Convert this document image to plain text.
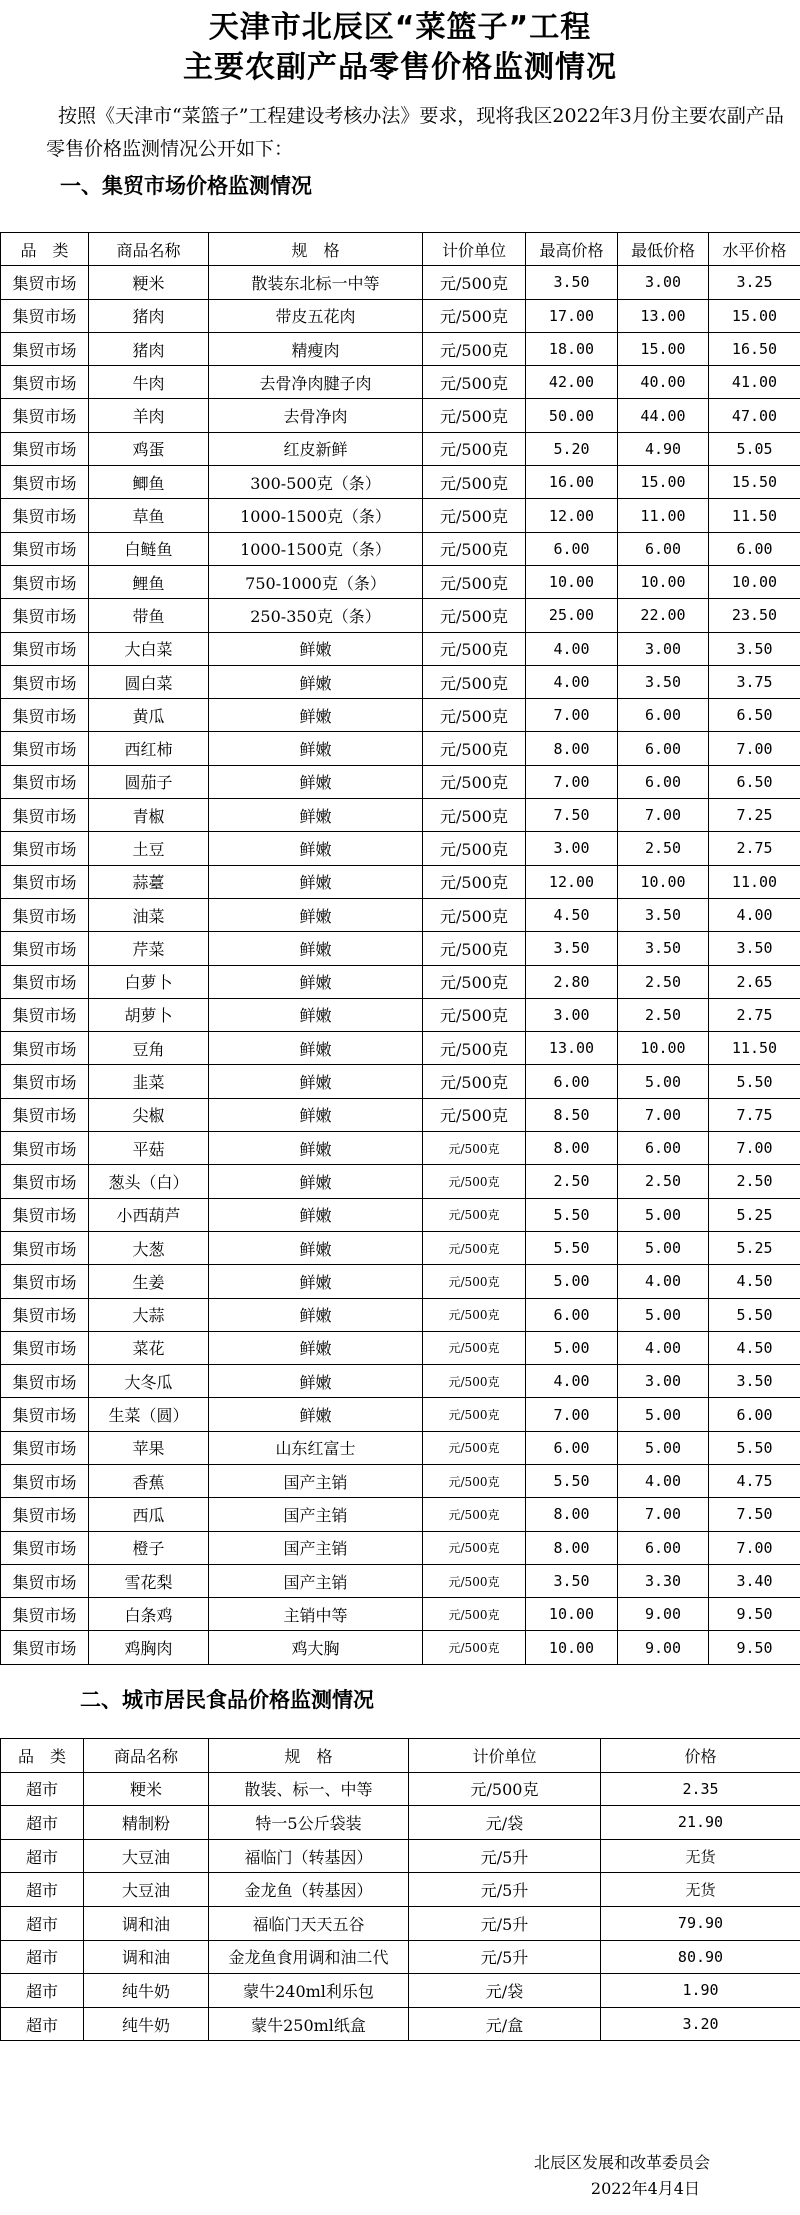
天津市北辰区“菜篮子”工程
主要农副产品零售价格监测情况
按照《天津市“菜篮子”工程建设考核办法》要求，现将我区2022年3月份主要农副产品零售价格监测情况公开如下：
一、集贸市场价格监测情况
品　类	商品名称	规　格	计价单位	最高价格	最低价格	水平价格
集贸市场	粳米	散装东北标一中等	元/500克	3.50	3.00	3.25
集贸市场	猪肉	带皮五花肉	元/500克	17.00	13.00	15.00
集贸市场	猪肉	精瘦肉	元/500克	18.00	15.00	16.50
集贸市场	牛肉	去骨净肉腱子肉	元/500克	42.00	40.00	41.00
集贸市场	羊肉	去骨净肉	元/500克	50.00	44.00	47.00
集贸市场	鸡蛋	红皮新鲜	元/500克	5.20	4.90	5.05
集贸市场	鲫鱼	300-500克（条）	元/500克	16.00	15.00	15.50
集贸市场	草鱼	1000-1500克（条）	元/500克	12.00	11.00	11.50
集贸市场	白鲢鱼	1000-1500克（条）	元/500克	6.00	6.00	6.00
集贸市场	鲤鱼	750-1000克（条）	元/500克	10.00	10.00	10.00
集贸市场	带鱼	250-350克（条）	元/500克	25.00	22.00	23.50
集贸市场	大白菜	鲜嫩	元/500克	4.00	3.00	3.50
集贸市场	圆白菜	鲜嫩	元/500克	4.00	3.50	3.75
集贸市场	黄瓜	鲜嫩	元/500克	7.00	6.00	6.50
集贸市场	西红柿	鲜嫩	元/500克	8.00	6.00	7.00
集贸市场	圆茄子	鲜嫩	元/500克	7.00	6.00	6.50
集贸市场	青椒	鲜嫩	元/500克	7.50	7.00	7.25
集贸市场	土豆	鲜嫩	元/500克	3.00	2.50	2.75
集贸市场	蒜薹	鲜嫩	元/500克	12.00	10.00	11.00
集贸市场	油菜	鲜嫩	元/500克	4.50	3.50	4.00
集贸市场	芹菜	鲜嫩	元/500克	3.50	3.50	3.50
集贸市场	白萝卜	鲜嫩	元/500克	2.80	2.50	2.65
集贸市场	胡萝卜	鲜嫩	元/500克	3.00	2.50	2.75
集贸市场	豆角	鲜嫩	元/500克	13.00	10.00	11.50
集贸市场	韭菜	鲜嫩	元/500克	6.00	5.00	5.50
集贸市场	尖椒	鲜嫩	元/500克	8.50	7.00	7.75
集贸市场	平菇	鲜嫩	元/500克	8.00	6.00	7.00
集贸市场	葱头（白）	鲜嫩	元/500克	2.50	2.50	2.50
集贸市场	小西葫芦	鲜嫩	元/500克	5.50	5.00	5.25
集贸市场	大葱	鲜嫩	元/500克	5.50	5.00	5.25
集贸市场	生姜	鲜嫩	元/500克	5.00	4.00	4.50
集贸市场	大蒜	鲜嫩	元/500克	6.00	5.00	5.50
集贸市场	菜花	鲜嫩	元/500克	5.00	4.00	4.50
集贸市场	大冬瓜	鲜嫩	元/500克	4.00	3.00	3.50
集贸市场	生菜（圆）	鲜嫩	元/500克	7.00	5.00	6.00
集贸市场	苹果	山东红富士	元/500克	6.00	5.00	5.50
集贸市场	香蕉	国产主销	元/500克	5.50	4.00	4.75
集贸市场	西瓜	国产主销	元/500克	8.00	7.00	7.50
集贸市场	橙子	国产主销	元/500克	8.00	6.00	7.00
集贸市场	雪花梨	国产主销	元/500克	3.50	3.30	3.40
集贸市场	白条鸡	主销中等	元/500克	10.00	9.00	9.50
集贸市场	鸡胸肉	鸡大胸	元/500克	10.00	9.00	9.50
二、城市居民食品价格监测情况
品　类	商品名称	规　格	计价单位	价格
超市	粳米	散装、标一、中等	元/500克	2.35
超市	精制粉	特一5公斤袋装	元/袋	21.90
超市	大豆油	福临门（转基因）	元/5升	无货
超市	大豆油	金龙鱼（转基因）	元/5升	无货
超市	调和油	福临门天天五谷	元/5升	79.90
超市	调和油	金龙鱼食用调和油二代	元/5升	80.90
超市	纯牛奶	蒙牛240ml利乐包	元/袋	1.90
超市	纯牛奶	蒙牛250ml纸盒	元/盒	3.20
北辰区发展和改革委员会
2022年4月4日
